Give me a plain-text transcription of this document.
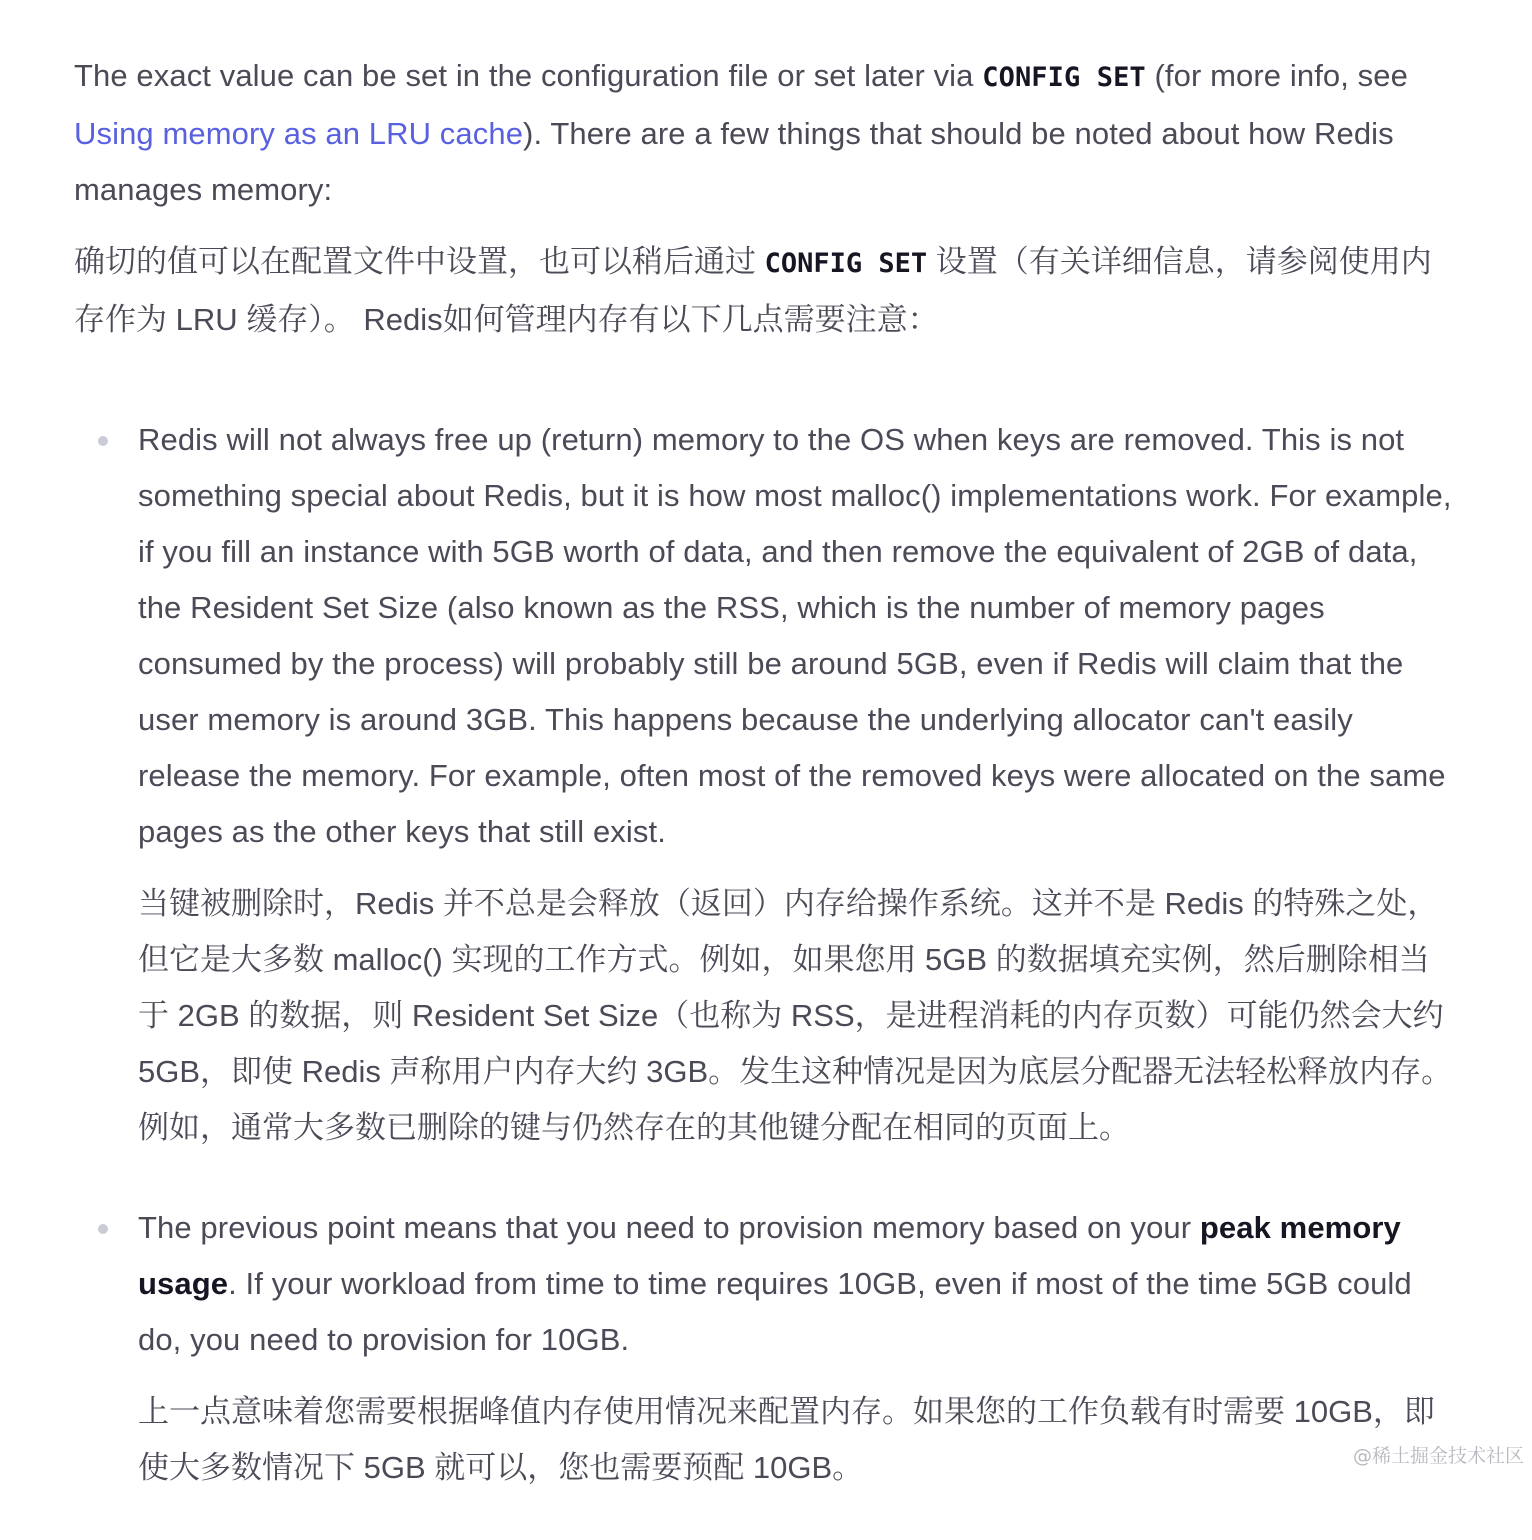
The exact value can be set in the configuration file or set later via CONFIG SET (for more info, see Using memory as an LRU cache). There are a few things that should be noted about how Redis manages memory:

确切的值可以在配置文件中设置，也可以稍后通过 CONFIG SET 设置（有关详细信息，请参阅使用内存作为 LRU 缓存）。 Redis如何管理内存有以下几点需要注意：

Redis will not always free up (return) memory to the OS when keys are removed. This is not something special about Redis, but it is how most malloc() implementations work. For example, if you fill an instance with 5GB worth of data, and then remove the equivalent of 2GB of data, the Resident Set Size (also known as the RSS, which is the number of memory pages consumed by the process) will probably still be around 5GB, even if Redis will claim that the user memory is around 3GB. This happens because the underlying allocator can't easily release the memory. For example, often most of the removed keys were allocated on the same pages as the other keys that still exist.

当键被删除时，Redis 并不总是会释放（返回）内存给操作系统。这并不是 Redis 的特殊之处，但它是大多数 malloc() 实现的工作方式。例如，如果您用 5GB 的数据填充实例，然后删除相当于 2GB 的数据，则 Resident Set Size（也称为 RSS，是进程消耗的内存页数）可能仍然会大约 5GB，即使 Redis 声称用户内存大约 3GB。发生这种情况是因为底层分配器无法轻松释放内存。例如，通常大多数已删除的键与仍然存在的其他键分配在相同的页面上。

The previous point means that you need to provision memory based on your peak memory usage. If your workload from time to time requires 10GB, even if most of the time 5GB could do, you need to provision for 10GB.

上一点意味着您需要根据峰值内存使用情况来配置内存。如果您的工作负载有时需要 10GB，即使大多数情况下 5GB 就可以，您也需要预配 10GB。	@稀土掘金技术社区
